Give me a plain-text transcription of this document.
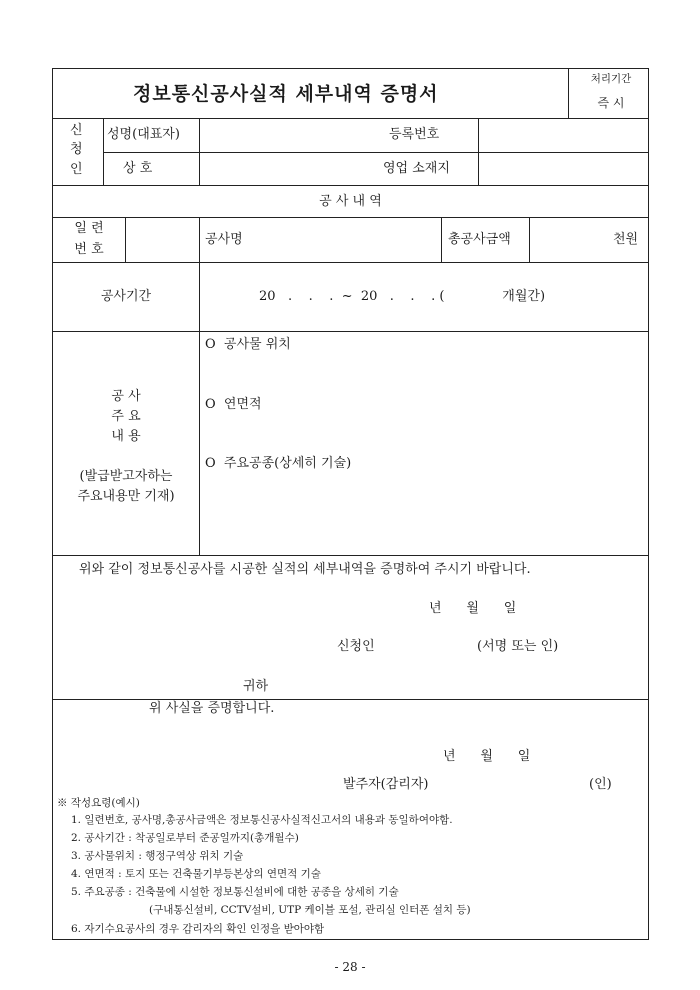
정보통신공사실적 세부내역 증명서
처리기간
즉 시
신
청
인
성명(대표자)	등록번호
상 호	영업 소재지
공 사 내 역
일 련
번 호
공사명	총공사금액	천원
공사기간	20   .    .    .  ~  20   .    .    . (              개월간)
공 사
주 요
내 용
(발급받고자하는
주요내용만 기재)
O  공사물 위치
O  연면적
O  주요공종(상세히 기술)
위와 같이 정보통신공사를 시공한 실적의 세부내역을 증명하여 주시기 바랍니다.
년      월      일
신청인	(서명 또는 인)
귀하
위 사실을 증명합니다.
년      월      일
발주자(감리자)	(인)
※ 작성요령(예시)
1. 일련번호, 공사명,총공사금액은 정보통신공사실적신고서의 내용과 동일하여야함.
2. 공사기간 : 착공일로부터 준공일까지(총개월수)
3. 공사물위치 : 행정구역상 위치 기술
4. 연면적 : 토지 또는 건축물기부등본상의 연면적 기술
5. 주요공종 : 건축물에 시설한 정보통신설비에 대한 공종을 상세히 기술
(구내통신설비, CCTV설비, UTP 케이블 포설, 관리실 인터폰 설치 등)
6. 자기수요공사의 경우 감리자의 확인 인정을 받아야함
- 28 -
